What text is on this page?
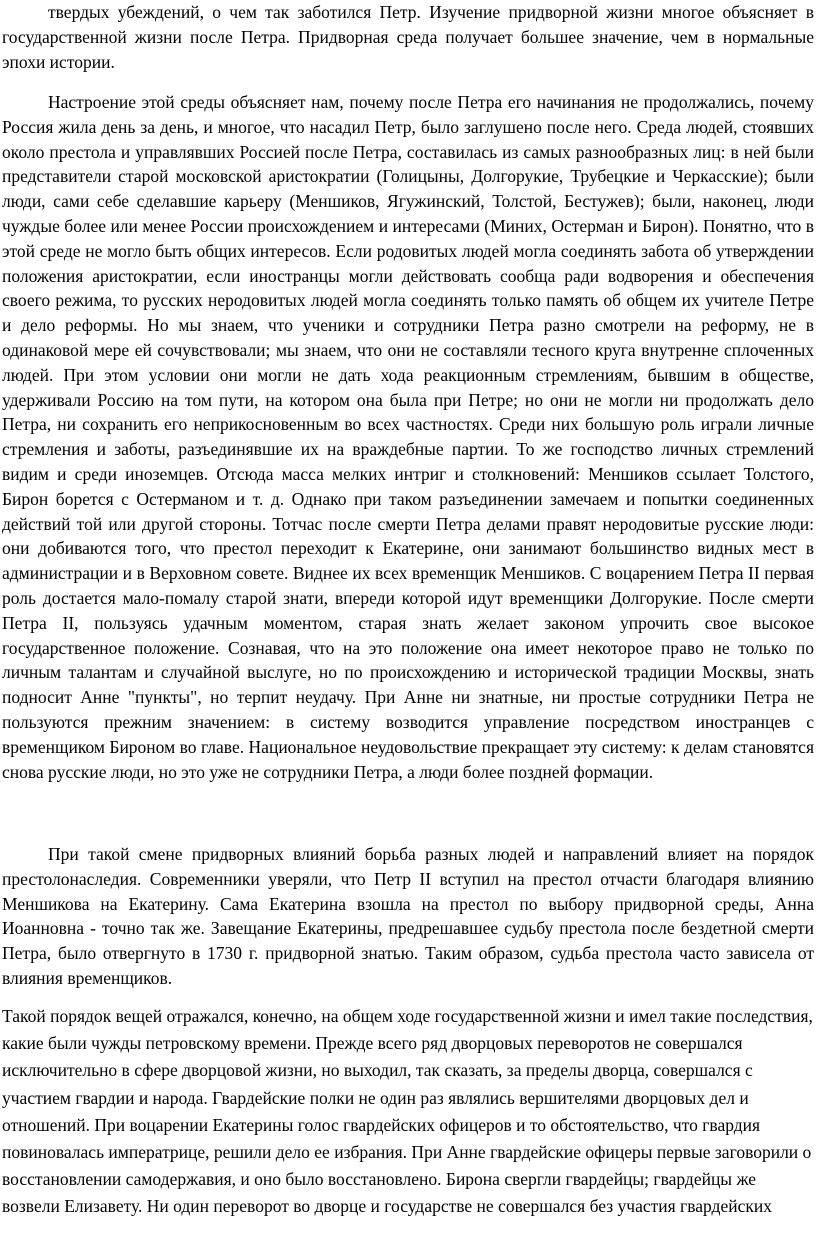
твердых убеждений, о чем так заботился Петр. Изучение придворной жизни многое объясняет в государственной жизни после Петра. Придворная среда получает большее значение, чем в нормальные эпохи истории.

Настроение этой среды объясняет нам, почему после Петра его начинания не продолжались, почему Россия жила день за день, и многое, что насадил Петр, было заглушено после него. Среда людей, стоявших около престола и управлявших Россией после Петра, составилась из самых разнообразных лиц: в ней были представители старой московской аристократии (Голицыны, Долгорукие, Трубецкие и Черкасские); были люди, сами себе сделавшие карьеру (Меншиков, Ягужинский, Толстой, Бестужев); были, наконец, люди чуждые более или менее России происхождением и интересами (Миних, Остерман и Бирон). Понятно, что в этой среде не могло быть общих интересов. Если родовитых людей могла соединять забота об утверждении положения аристократии, если иностранцы могли действовать сообща ради водворения и обеспечения своего режима, то русских неродовитых людей могла соединять только память об общем их учителе Петре и дело реформы. Но мы знаем, что ученики и сотрудники Петра разно смотрели на реформу, не в одинаковой мере ей сочувствовали; мы знаем, что они не составляли тесного круга внутренне сплоченных людей. При этом условии они могли не дать хода реакционным стремлениям, бывшим в обществе, удерживали Россию на том пути, на котором она была при Петре; но они не могли ни продолжать дело Петра, ни сохранить его неприкосновенным во всех частностях. Среди них большую роль играли личные стремления и заботы, разъединявшие их на враждебные партии. То же господство личных стремлений видим и среди иноземцев. Отсюда масса мелких интриг и столкновений: Меншиков ссылает Толстого, Бирон борется с Остерманом и т. д. Однако при таком разъединении замечаем и попытки соединенных действий той или другой стороны. Тотчас после смерти Петра делами правят неродовитые русские люди: они добиваются того, что престол переходит к Екатерине, они занимают большинство видных мест в администрации и в Верховном совете. Виднее их всех временщик Меншиков. С воцарением Петра II первая роль достается мало-помалу старой знати, впереди которой идут временщики Долгорукие. После смерти Петра II, пользуясь удачным моментом, старая знать желает законом упрочить свое высокое государственное положение. Сознавая, что на это положение она имеет некоторое право не только по личным талантам и случайной выслуге, но по происхождению и исторической традиции Москвы, знать подносит Анне "пункты", но терпит неудачу. При Анне ни знатные, ни простые сотрудники Петра не пользуются прежним значением: в систему возводится управление посредством иностранцев с временщиком Бироном во главе. Национальное неудовольствие прекращает эту систему: к делам становятся снова русские люди, но это уже не сотрудники Петра, а люди более поздней формации.

При такой смене придворных влияний борьба разных людей и направлений влияет на порядок престолонаследия. Современники уверяли, что Петр II вступил на престол отчасти благодаря влиянию Меншикова на Екатерину. Сама Екатерина взошла на престол по выбору придворной среды, Анна Иоанновна - точно так же. Завещание Екатерины, предрешавшее судьбу престола после бездетной смерти Петра, было отвергнуто в 1730 г. придворной знатью. Таким образом, судьба престола часто зависела от влияния временщиков.

Такой порядок вещей отражался, конечно, на общем ходе государственной жизни и имел такие последствия, какие были чужды петровскому времени. Прежде всего ряд дворцовых переворотов не совершался исключительно в сфере дворцовой жизни, но выходил, так сказать, за пределы дворца, совершался с участием гвардии и народа. Гвардейские полки не один раз являлись вершителями дворцовых дел и отношений. При воцарении Екатерины голос гвардейских офицеров и то обстоятельство, что гвардия повиновалась императрице, решили дело ее избрания. При Анне гвардейские офицеры первые заговорили о восстановлении самодержавия, и оно было восстановлено. Бирона свергли гвардейцы; гвардейцы же возвели Елизавету. Ни один переворот во дворце и государстве не совершался без участия гвардейских
